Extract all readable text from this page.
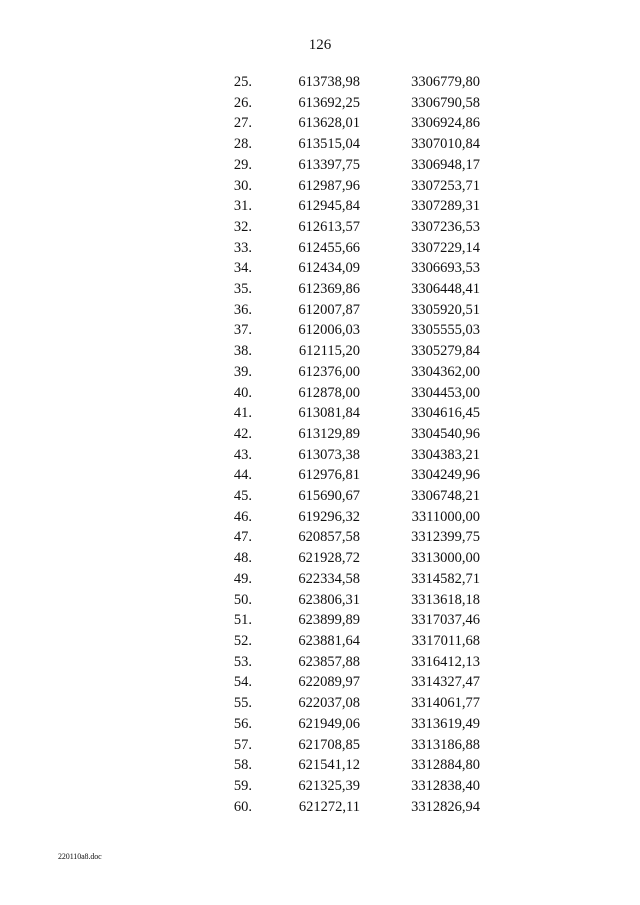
126
25.	613738,98	3306779,80
26.	613692,25	3306790,58
27.	613628,01	3306924,86
28.	613515,04	3307010,84
29.	613397,75	3306948,17
30.	612987,96	3307253,71
31.	612945,84	3307289,31
32.	612613,57	3307236,53
33.	612455,66	3307229,14
34.	612434,09	3306693,53
35.	612369,86	3306448,41
36.	612007,87	3305920,51
37.	612006,03	3305555,03
38.	612115,20	3305279,84
39.	612376,00	3304362,00
40.	612878,00	3304453,00
41.	613081,84	3304616,45
42.	613129,89	3304540,96
43.	613073,38	3304383,21
44.	612976,81	3304249,96
45.	615690,67	3306748,21
46.	619296,32	3311000,00
47.	620857,58	3312399,75
48.	621928,72	3313000,00
49.	622334,58	3314582,71
50.	623806,31	3313618,18
51.	623899,89	3317037,46
52.	623881,64	3317011,68
53.	623857,88	3316412,13
54.	622089,97	3314327,47
55.	622037,08	3314061,77
56.	621949,06	3313619,49
57.	621708,85	3313186,88
58.	621541,12	3312884,80
59.	621325,39	3312838,40
60.	621272,11	3312826,94
220110a8.doc
